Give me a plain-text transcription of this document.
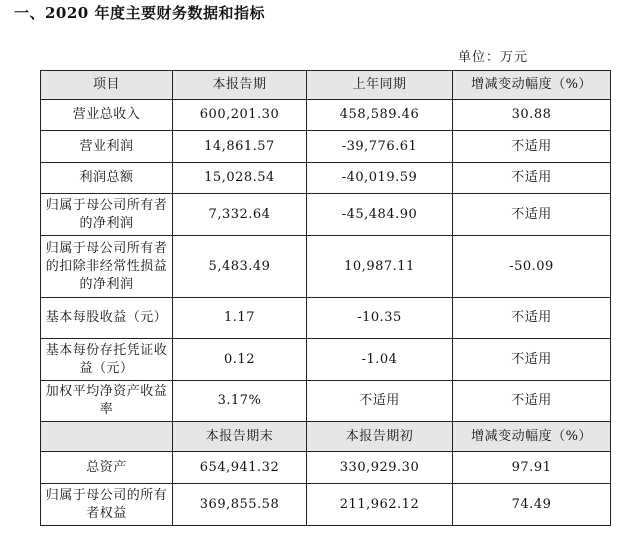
一、2020 年度主要财务数据和指标
单位：万元
项目	本报告期	上年同期	增减变动幅度（%）
营业总收入	600,201.30	458,589.46	30.88
营业利润	14,861.57	-39,776.61	不适用
利润总额	15,028.54	-40,019.59	不适用
归属于母公司所有者的净利润	7,332.64	-45,484.90	不适用
归属于母公司所有者的扣除非经常性损益的净利润	5,483.49	10,987.11	-50.09
基本每股收益（元）	1.17	-10.35	不适用
基本每份存托凭证收益（元）	0.12	-1.04	不适用
加权平均净资产收益率	3.17%	不适用	不适用
	本报告期末	本报告期初	增减变动幅度（%）
总资产	654,941.32	330,929.30	97.91
归属于母公司的所有者权益	369,855.58	211,962.12	74.49
